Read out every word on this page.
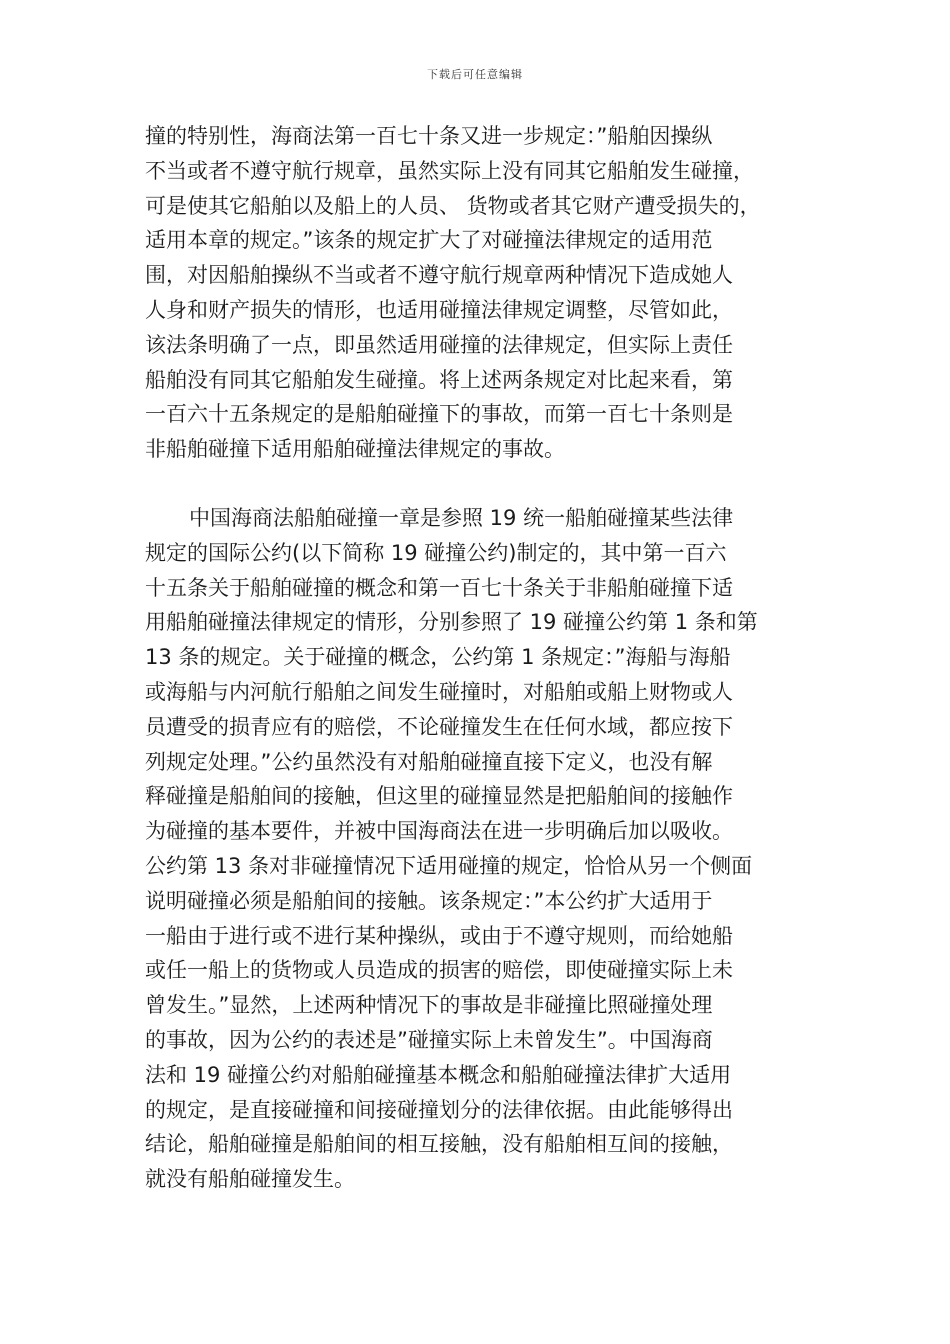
下载后可任意编辑
撞的特别性，海商法第一百七十条又进一步规定：”船舶因操纵
不当或者不遵守航行规章，虽然实际上没有同其它船舶发生碰撞，
可是使其它船舶以及船上的人员、 货物或者其它财产遭受损失的，
适用本章的规定。”该条的规定扩大了对碰撞法律规定的适用范
围，对因船舶操纵不当或者不遵守航行规章两种情况下造成她人
人身和财产损失的情形，也适用碰撞法律规定调整，尽管如此，
该法条明确了一点，即虽然适用碰撞的法律规定，但实际上责任
船舶没有同其它船舶发生碰撞。将上述两条规定对比起来看，第
一百六十五条规定的是船舶碰撞下的事故，而第一百七十条则是
非船舶碰撞下适用船舶碰撞法律规定的事故。
中国海商法船舶碰撞一章是参照 19 统一船舶碰撞某些法律
规定的国际公约(以下简称 19 碰撞公约)制定的，其中第一百六
十五条关于船舶碰撞的概念和第一百七十条关于非船舶碰撞下适
用船舶碰撞法律规定的情形，分别参照了 19 碰撞公约第 1 条和第
13 条的规定。关于碰撞的概念，公约第 1 条规定：”海船与海船
或海船与内河航行船舶之间发生碰撞时，对船舶或船上财物或人
员遭受的损青应有的赔偿，不论碰撞发生在任何水域，都应按下
列规定处理。”公约虽然没有对船舶碰撞直接下定义，也没有解
释碰撞是船舶间的接触，但这里的碰撞显然是把船舶间的接触作
为碰撞的基本要件，并被中国海商法在进一步明确后加以吸收。
公约第 13 条对非碰撞情况下适用碰撞的规定，恰恰从另一个侧面
说明碰撞必须是船舶间的接触。该条规定：”本公约扩大适用于
一船由于进行或不进行某种操纵，或由于不遵守规则，而给她船
或任一船上的货物或人员造成的损害的赔偿，即使碰撞实际上未
曾发生。”显然，上述两种情况下的事故是非碰撞比照碰撞处理
的事故，因为公约的表述是”碰撞实际上未曾发生”。中国海商
法和 19 碰撞公约对船舶碰撞基本概念和船舶碰撞法律扩大适用
的规定，是直接碰撞和间接碰撞划分的法律依据。由此能够得出
结论，船舶碰撞是船舶间的相互接触，没有船舶相互间的接触，
就没有船舶碰撞发生。
